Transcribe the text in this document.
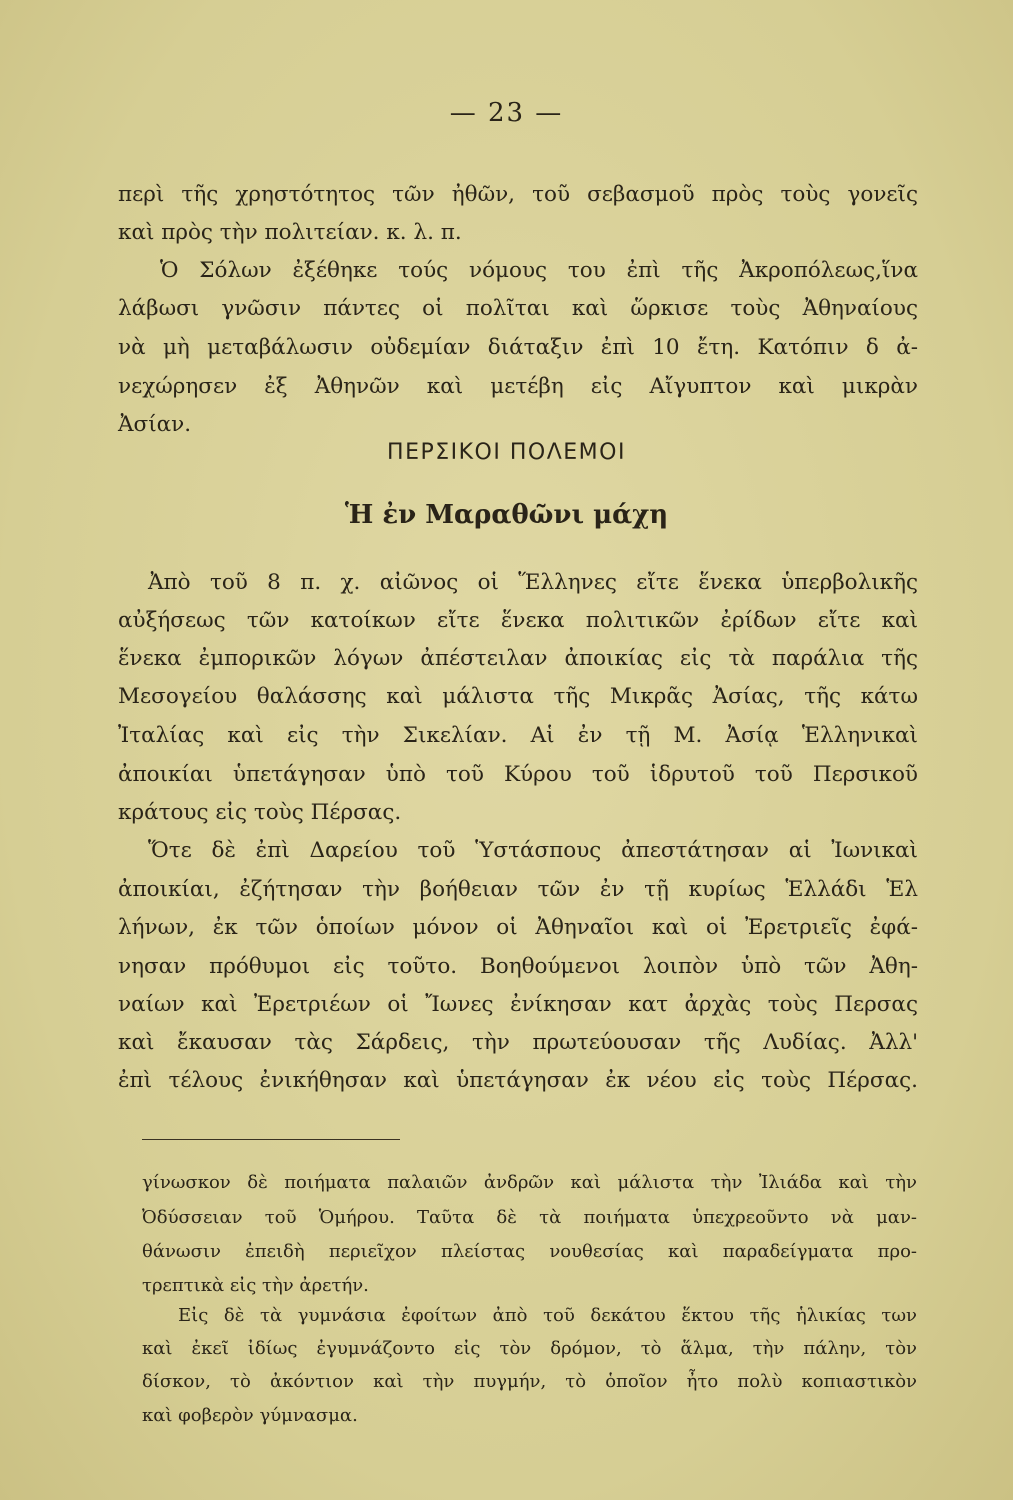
— 23 —
περὶ τῆς χρηστότητος τῶν ἠθῶν, τοῦ σεβασμοῦ πρὸς τοὺς γονεῖς
καὶ πρὸς τὴν πολιτείαν. κ. λ. π.
Ὁ Σόλων ἐξέθηκε τούς νόμους του ἐπὶ τῆς Ἀκροπόλεως,ἵνα
λάβωσι γνῶσιν πάντες οἱ πολῖται καὶ ὥρκισε τοὺς Ἀθηναίους
νὰ μὴ μεταβάλωσιν οὐδεμίαν διάταξιν ἐπὶ 10 ἔτη. Κατόπιν δ ἀ-
νεχώρησεν ἐξ Ἀθηνῶν καὶ μετέβη εἰς Αἴγυπτον καὶ μικρὰν
Ἀσίαν.
ΠΕΡΣΙΚΟΙ ΠΟΛΕΜΟΙ
Ἡ ἐν Μαραθῶνι μάχη
Ἀπὸ τοῦ 8 π. χ. αἰῶνος οἱ Ἕλληνες εἴτε ἕνεκα ὑπερβολικῆς
αὐξήσεως τῶν κατοίκων εἴτε ἕνεκα πολιτικῶν ἐρίδων εἴτε καὶ
ἕνεκα ἐμπορικῶν λόγων ἀπέστειλαν ἀποικίας εἰς τὰ παράλια τῆς
Μεσογείου θαλάσσης καὶ μάλιστα τῆς Μικρᾶς Ἀσίας, τῆς κάτω
Ἰταλίας καὶ εἰς τὴν Σικελίαν. Αἱ ἐν τῇ Μ. Ἀσίᾳ Ἑλληνικαὶ
ἀποικίαι ὑπετάγησαν ὑπὸ τοῦ Κύρου τοῦ ἱδρυτοῦ τοῦ Περσικοῦ
κράτους εἰς τοὺς Πέρσας.
Ὅτε δὲ ἐπὶ Δαρείου τοῦ Ὑστάσπους ἀπεστάτησαν αἱ Ἰωνικαὶ
ἀποικίαι, ἐζήτησαν τὴν βοήθειαν τῶν ἐν τῇ κυρίως Ἑλλάδι Ἑλ
λήνων, ἐκ τῶν ὁποίων μόνον οἱ Ἀθηναῖοι καὶ οἱ Ἐρετριεῖς ἐφά-
νησαν πρόθυμοι εἰς τοῦτο. Βοηθούμενοι λοιπὸν ὑπὸ τῶν Ἀθη-
ναίων καὶ Ἐρετριέων οἱ Ἴωνες ἐνίκησαν κατ ἀρχὰς τοὺς Περσας
καὶ ἔκαυσαν τὰς Σάρδεις, τὴν πρωτεύουσαν τῆς Λυδίας. Ἀλλ'
ἐπὶ τέλους ἐνικήθησαν καὶ ὑπετάγησαν ἐκ νέου εἰς τοὺς Πέρσας.
γίνωσκον δὲ ποιήματα παλαιῶν ἀνδρῶν καὶ μάλιστα τὴν Ἰλιάδα καὶ τὴν
Ὀδύσσειαν τοῦ Ὁμήρου. Ταῦτα δὲ τὰ ποιήματα ὑπεχρεοῦντο νὰ μαν-
θάνωσιν ἐπειδὴ περιεῖχον πλείστας νουθεσίας καὶ παραδείγματα προ-
τρεπτικὰ εἰς τὴν ἀρετήν.
Εἰς δὲ τὰ γυμνάσια ἐφοίτων ἀπὸ τοῦ δεκάτου ἕκτου τῆς ἡλικίας των
καὶ ἐκεῖ ἰδίως ἐγυμνάζοντο εἰς τὸν δρόμον, τὸ ἅλμα, τὴν πάλην, τὸν
δίσκον, τὸ ἀκόντιον καὶ τὴν πυγμήν, τὸ ὁποῖον ἦτο πολὺ κοπιαστικὸν
καὶ φοβερὸν γύμνασμα.
